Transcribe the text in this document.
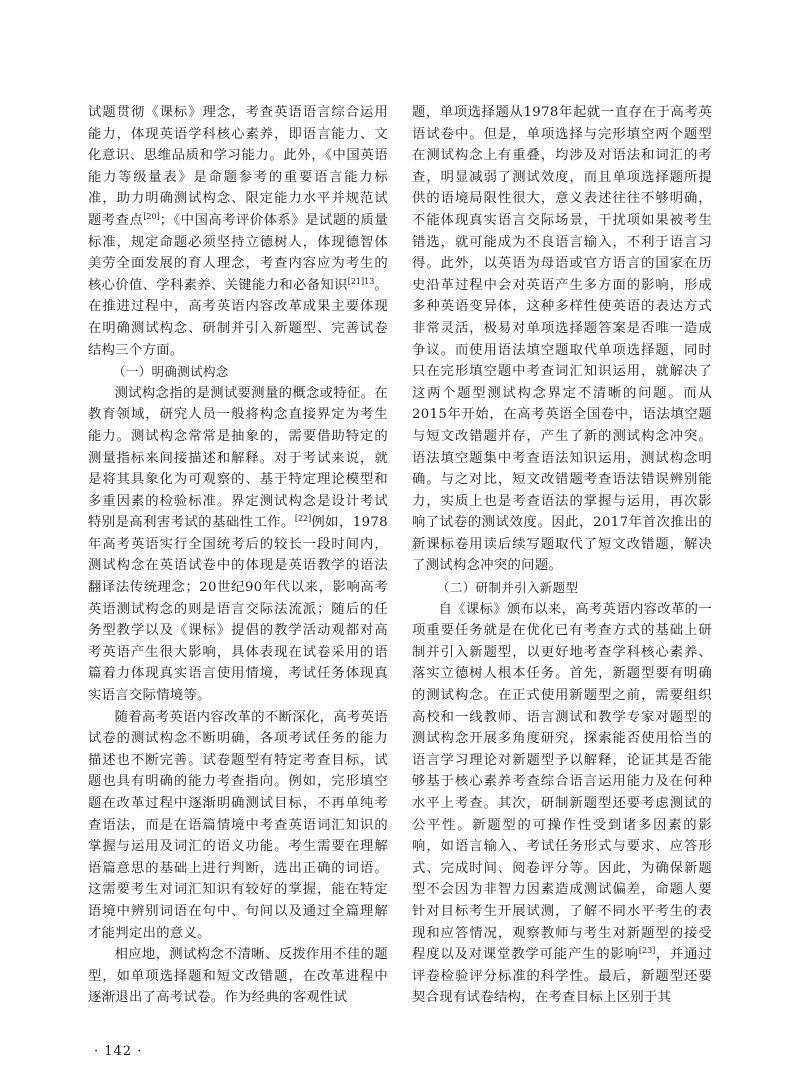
试题贯彻《课标》理念，考查英语语言综合运用能力，体现英语学科核心素养，即语言能力、文化意识、思维品质和学习能力。此外，《中国英语能力等级量表》是命题参考的重要语言能力标准，助力明确测试构念、限定能力水平并规范试题考查点[20]；《中国高考评价体系》是试题的质量标准，规定命题必须坚持立德树人，体现德智体美劳全面发展的育人理念，考查内容应为考生的核心价值、学科素养、关键能力和必备知识$^{[21]13}$。在推进过程中，高考英语内容改革成果主要体现在明确测试构念、研制并引入新题型、完善试卷结构三个方面。

（一）明确测试构念

测试构念指的是测试要测量的概念或特征。在教育领域，研究人员一般将构念直接界定为考生能力。测试构念常常是抽象的，需要借助特定的测量指标来间接描述和解释。对于考试来说，就是将其具象化为可观察的、基于特定理论模型和多重因素的检验标准。界定测试构念是设计考试特别是高利害考试的基础性工作。[22]例如，1978年高考英语实行全国统考后的较长一段时间内，测试构念在英语试卷中的体现是英语教学的语法翻译法传统理念；20世纪90年代以来，影响高考英语测试构念的则是语言交际法流派；随后的任务型教学以及《课标》提倡的教学活动观都对高考英语产生很大影响，具体表现在试卷采用的语篇着力体现真实语言使用情境，考试任务体现真实语言交际情境等。

随着高考英语内容改革的不断深化，高考英语试卷的测试构念不断明确，各项考试任务的能力描述也不断完善。试卷题型有特定考查目标，试题也具有明确的能力考查指向。例如，完形填空题在改革过程中逐渐明确测试目标，不再单纯考查语法，而是在语篇情境中考查英语词汇知识的掌握与运用及词汇的语义功能。考生需要在理解语篇意思的基础上进行判断，选出正确的词语。这需要考生对词汇知识有较好的掌握，能在特定语境中辨别词语在句中、句间以及通过全篇理解才能判定出的意义。

相应地，测试构念不清晰、反拨作用不佳的题型，如单项选择题和短文改错题，在改革进程中逐渐退出了高考试卷。作为经典的客观性试

题，单项选择题从1978年起就一直存在于高考英语试卷中。但是，单项选择与完形填空两个题型在测试构念上有重叠，均涉及对语法和词汇的考查，明显减弱了测试效度，而且单项选择题所提供的语境局限性很大，意义表述往往不够明确，不能体现真实语言交际场景，干扰项如果被考生错选，就可能成为不良语言输入，不利于语言习得。此外，以英语为母语或官方语言的国家在历史沿革过程中会对英语产生多方面的影响，形成多种英语变异体，这种多样性使英语的表达方式非常灵活，极易对单项选择题答案是否唯一造成争议。而使用语法填空题取代单项选择题，同时只在完形填空题中考查词汇知识运用，就解决了这两个题型测试构念界定不清晰的问题。而从2015年开始，在高考英语全国卷中，语法填空题与短文改错题并存，产生了新的测试构念冲突。语法填空题集中考查语法知识运用，测试构念明确。与之对比，短文改错题考查语法错误辨别能力，实质上也是考查语法的掌握与运用，再次影响了试卷的测试效度。因此，2017年首次推出的新课标卷用读后续写题取代了短文改错题，解决了测试构念冲突的问题。

（二）研制并引入新题型

自《课标》颁布以来，高考英语内容改革的一项重要任务就是在优化已有考查方式的基础上研制并引入新题型，以更好地考查学科核心素养、落实立德树人根本任务。首先，新题型要有明确的测试构念。在正式使用新题型之前，需要组织高校和一线教师、语言测试和教学专家对题型的测试构念开展多角度研究，探索能否使用恰当的语言学习理论对新题型予以解释，论证其是否能够基于核心素养考查综合语言运用能力及在何种水平上考查。其次，研制新题型还要考虑测试的公平性。新题型的可操作性受到诸多因素的影响，如语言输入、考试任务形式与要求、应答形式、完成时间、阅卷评分等。因此，为确保新题型不会因为非智力因素造成测试偏差，命题人要针对目标考生开展试测，了解不同水平考生的表现和应答情况，观察教师与考生对新题型的接受程度以及对课堂教学可能产生的影响[23]，并通过评卷检验评分标准的科学性。最后，新题型还要契合现有试卷结构，在考查目标上区别于其

· 142 ·
